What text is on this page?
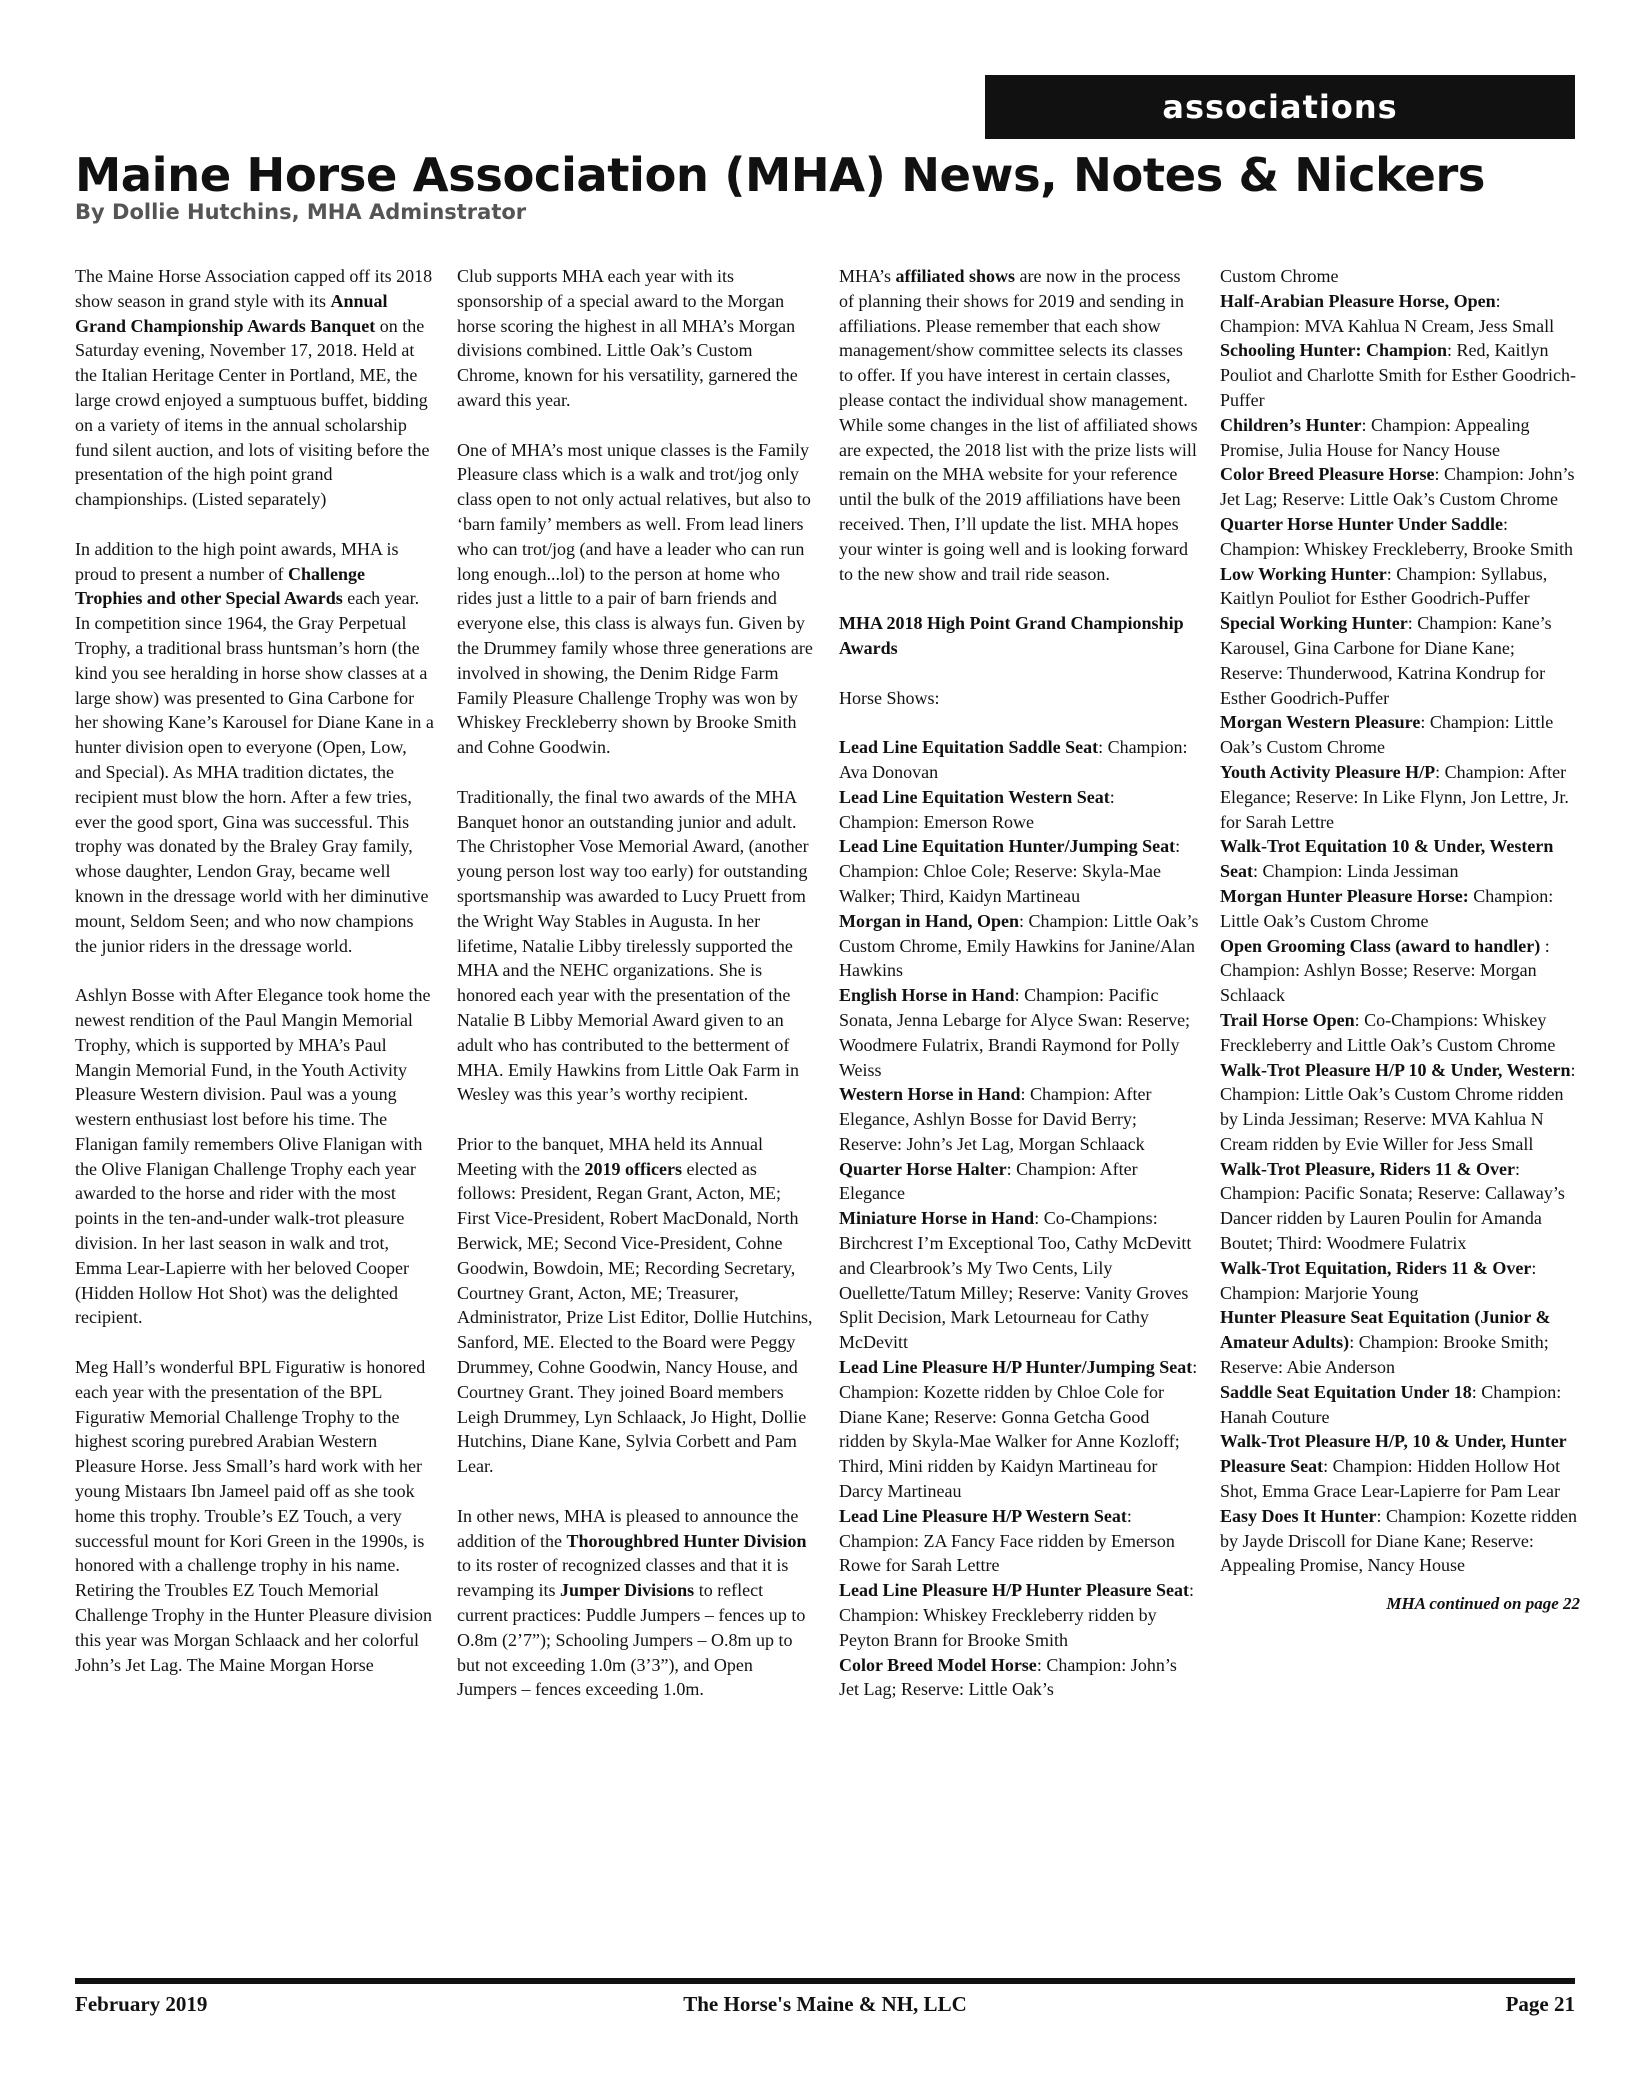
associations
Maine Horse Association (MHA) News, Notes & Nickers
By Dollie Hutchins, MHA Adminstrator

The Maine Horse Association capped off its 2018 show season in grand style with its Annual Grand Championship Awards Banquet on the Saturday evening, November 17, 2018. Held at the Italian Heritage Center in Portland, ME, the large crowd enjoyed a sumptuous buffet, bidding on a variety of items in the annual scholarship fund silent auction, and lots of visiting before the presentation of the high point grand championships. (Listed separately)

In addition to the high point awards, MHA is proud to present a number of Challenge Trophies and other Special Awards each year. In competition since 1964, the Gray Perpetual Trophy, a traditional brass huntsman’s horn (the kind you see heralding in horse show classes at a large show) was presented to Gina Carbone for her showing Kane’s Karousel for Diane Kane in a hunter division open to everyone (Open, Low, and Special). As MHA tradition dictates, the recipient must blow the horn. After a few tries, ever the good sport, Gina was successful. This trophy was donated by the Braley Gray family, whose daughter, Lendon Gray, became well known in the dressage world with her diminutive mount, Seldom Seen; and who now champions the junior riders in the dressage world.

Ashlyn Bosse with After Elegance took home the newest rendition of the Paul Mangin Memorial Trophy, which is supported by MHA’s Paul Mangin Memorial Fund, in the Youth Activity Pleasure Western division. Paul was a young western enthusiast lost before his time. The Flanigan family remembers Olive Flanigan with the Olive Flanigan Challenge Trophy each year awarded to the horse and rider with the most points in the ten-and-under walk-trot pleasure division. In her last season in walk and trot, Emma Lear-Lapierre with her beloved Cooper (Hidden Hollow Hot Shot) was the delighted recipient.

Meg Hall’s wonderful BPL Figuratiw is honored each year with the presentation of the BPL Figuratiw Memorial Challenge Trophy to the highest scoring purebred Arabian Western Pleasure Horse. Jess Small’s hard work with her young Mistaars Ibn Jameel paid off as she took home this trophy. Trouble’s EZ Touch, a very successful mount for Kori Green in the 1990s, is honored with a challenge trophy in his name. Retiring the Troubles EZ Touch Memorial Challenge Trophy in the Hunter Pleasure division this year was Morgan Schlaack and her colorful John’s Jet Lag. The Maine Morgan Horse

Club supports MHA each year with its sponsorship of a special award to the Morgan horse scoring the highest in all MHA’s Morgan divisions combined. Little Oak’s Custom Chrome, known for his versatility, garnered the award this year.

One of MHA’s most unique classes is the Family Pleasure class which is a walk and trot/jog only class open to not only actual relatives, but also to ‘barn family’ members as well. From lead liners who can trot/jog (and have a leader who can run long enough...lol) to the person at home who rides just a little to a pair of barn friends and everyone else, this class is always fun. Given by the Drummey family whose three generations are involved in showing, the Denim Ridge Farm Family Pleasure Challenge Trophy was won by Whiskey Freckleberry shown by Brooke Smith and Cohne Goodwin.

Traditionally, the final two awards of the MHA Banquet honor an outstanding junior and adult. The Christopher Vose Memorial Award, (another young person lost way too early) for outstanding sportsmanship was awarded to Lucy Pruett from the Wright Way Stables in Augusta. In her lifetime, Natalie Libby tirelessly supported the MHA and the NEHC organizations. She is honored each year with the presentation of the Natalie B Libby Memorial Award given to an adult who has contributed to the betterment of MHA. Emily Hawkins from Little Oak Farm in Wesley was this year’s worthy recipient.

Prior to the banquet, MHA held its Annual Meeting with the 2019 officers elected as follows: President, Regan Grant, Acton, ME; First Vice-President, Robert MacDonald, North Berwick, ME; Second Vice-President, Cohne Goodwin, Bowdoin, ME; Recording Secretary, Courtney Grant, Acton, ME; Treasurer, Administrator, Prize List Editor, Dollie Hutchins, Sanford, ME. Elected to the Board were Peggy Drummey, Cohne Goodwin, Nancy House, and Courtney Grant. They joined Board members Leigh Drummey, Lyn Schlaack, Jo Hight, Dollie Hutchins, Diane Kane, Sylvia Corbett and Pam Lear.

In other news, MHA is pleased to announce the addition of the Thoroughbred Hunter Division to its roster of recognized classes and that it is revamping its Jumper Divisions to reflect current practices: Puddle Jumpers – fences up to O.8m (2’7”); Schooling Jumpers – O.8m up to but not exceeding 1.0m (3’3”), and Open Jumpers – fences exceeding 1.0m.

MHA’s affiliated shows are now in the process of planning their shows for 2019 and sending in affiliations. Please remember that each show management/show committee selects its classes to offer. If you have interest in certain classes, please contact the individual show management. While some changes in the list of affiliated shows are expected, the 2018 list with the prize lists will remain on the MHA website for your reference until the bulk of the 2019 affiliations have been received. Then, I’ll update the list. MHA hopes your winter is going well and is looking forward to the new show and trail ride season.

MHA 2018 High Point Grand Championship Awards

Horse Shows:

Lead Line Equitation Saddle Seat: Champion: Ava Donovan
Lead Line Equitation Western Seat: Champion: Emerson Rowe
Lead Line Equitation Hunter/Jumping Seat: Champion: Chloe Cole; Reserve: Skyla-Mae Walker; Third, Kaidyn Martineau
Morgan in Hand, Open: Champion: Little Oak’s Custom Chrome, Emily Hawkins for Janine/Alan Hawkins
English Horse in Hand: Champion: Pacific Sonata, Jenna Lebarge for Alyce Swan: Reserve; Woodmere Fulatrix, Brandi Raymond for Polly Weiss
Western Horse in Hand: Champion: After Elegance, Ashlyn Bosse for David Berry; Reserve: John’s Jet Lag, Morgan Schlaack
Quarter Horse Halter: Champion: After Elegance
Miniature Horse in Hand: Co-Champions: Birchcrest I’m Exceptional Too, Cathy McDevitt and Clearbrook’s My Two Cents, Lily Ouellette/Tatum Milley; Reserve: Vanity Groves Split Decision, Mark Letourneau for Cathy McDevitt
Lead Line Pleasure H/P Hunter/Jumping Seat: Champion: Kozette ridden by Chloe Cole for Diane Kane; Reserve: Gonna Getcha Good ridden by Skyla-Mae Walker for Anne Kozloff; Third, Mini ridden by Kaidyn Martineau for Darcy Martineau
Lead Line Pleasure H/P Western Seat: Champion: ZA Fancy Face ridden by Emerson Rowe for Sarah Lettre
Lead Line Pleasure H/P Hunter Pleasure Seat: Champion: Whiskey Freckleberry ridden by Peyton Brann for Brooke Smith
Color Breed Model Horse: Champion: John’s Jet Lag; Reserve: Little Oak’s
Custom Chrome
Half-Arabian Pleasure Horse, Open: Champion: MVA Kahlua N Cream, Jess Small
Schooling Hunter: Champion: Red, Kaitlyn Pouliot and Charlotte Smith for Esther Goodrich-Puffer
Children’s Hunter: Champion: Appealing Promise, Julia House for Nancy House
Color Breed Pleasure Horse: Champion: John’s Jet Lag; Reserve: Little Oak’s Custom Chrome
Quarter Horse Hunter Under Saddle: Champion: Whiskey Freckleberry, Brooke Smith
Low Working Hunter: Champion: Syllabus, Kaitlyn Pouliot for Esther Goodrich-Puffer
Special Working Hunter: Champion: Kane’s Karousel, Gina Carbone for Diane Kane; Reserve: Thunderwood, Katrina Kondrup for Esther Goodrich-Puffer
Morgan Western Pleasure: Champion: Little Oak’s Custom Chrome
Youth Activity Pleasure H/P: Champion: After Elegance; Reserve: In Like Flynn, Jon Lettre, Jr. for Sarah Lettre
Walk-Trot Equitation 10 & Under, Western Seat: Champion: Linda Jessiman
Morgan Hunter Pleasure Horse: Champion: Little Oak’s Custom Chrome
Open Grooming Class (award to handler) : Champion: Ashlyn Bosse; Reserve: Morgan Schlaack
Trail Horse Open: Co-Champions: Whiskey Freckleberry and Little Oak’s Custom Chrome
Walk-Trot Pleasure H/P 10 & Under, Western: Champion: Little Oak’s Custom Chrome ridden by Linda Jessiman; Reserve: MVA Kahlua N Cream ridden by Evie Willer for Jess Small
Walk-Trot Pleasure, Riders 11 & Over: Champion: Pacific Sonata; Reserve: Callaway’s Dancer ridden by Lauren Poulin for Amanda Boutet; Third: Woodmere Fulatrix
Walk-Trot Equitation, Riders 11 & Over: Champion: Marjorie Young
Hunter Pleasure Seat Equitation (Junior & Amateur Adults): Champion: Brooke Smith; Reserve: Abie Anderson
Saddle Seat Equitation Under 18: Champion: Hanah Couture
Walk-Trot Pleasure H/P, 10 & Under, Hunter Pleasure Seat: Champion: Hidden Hollow Hot Shot, Emma Grace Lear-Lapierre for Pam Lear
Easy Does It Hunter: Champion: Kozette ridden by Jayde Driscoll for Diane Kane; Reserve: Appealing Promise, Nancy House

MHA continued on page 22

February 2019	The Horse's Maine & NH, LLC	Page 21
